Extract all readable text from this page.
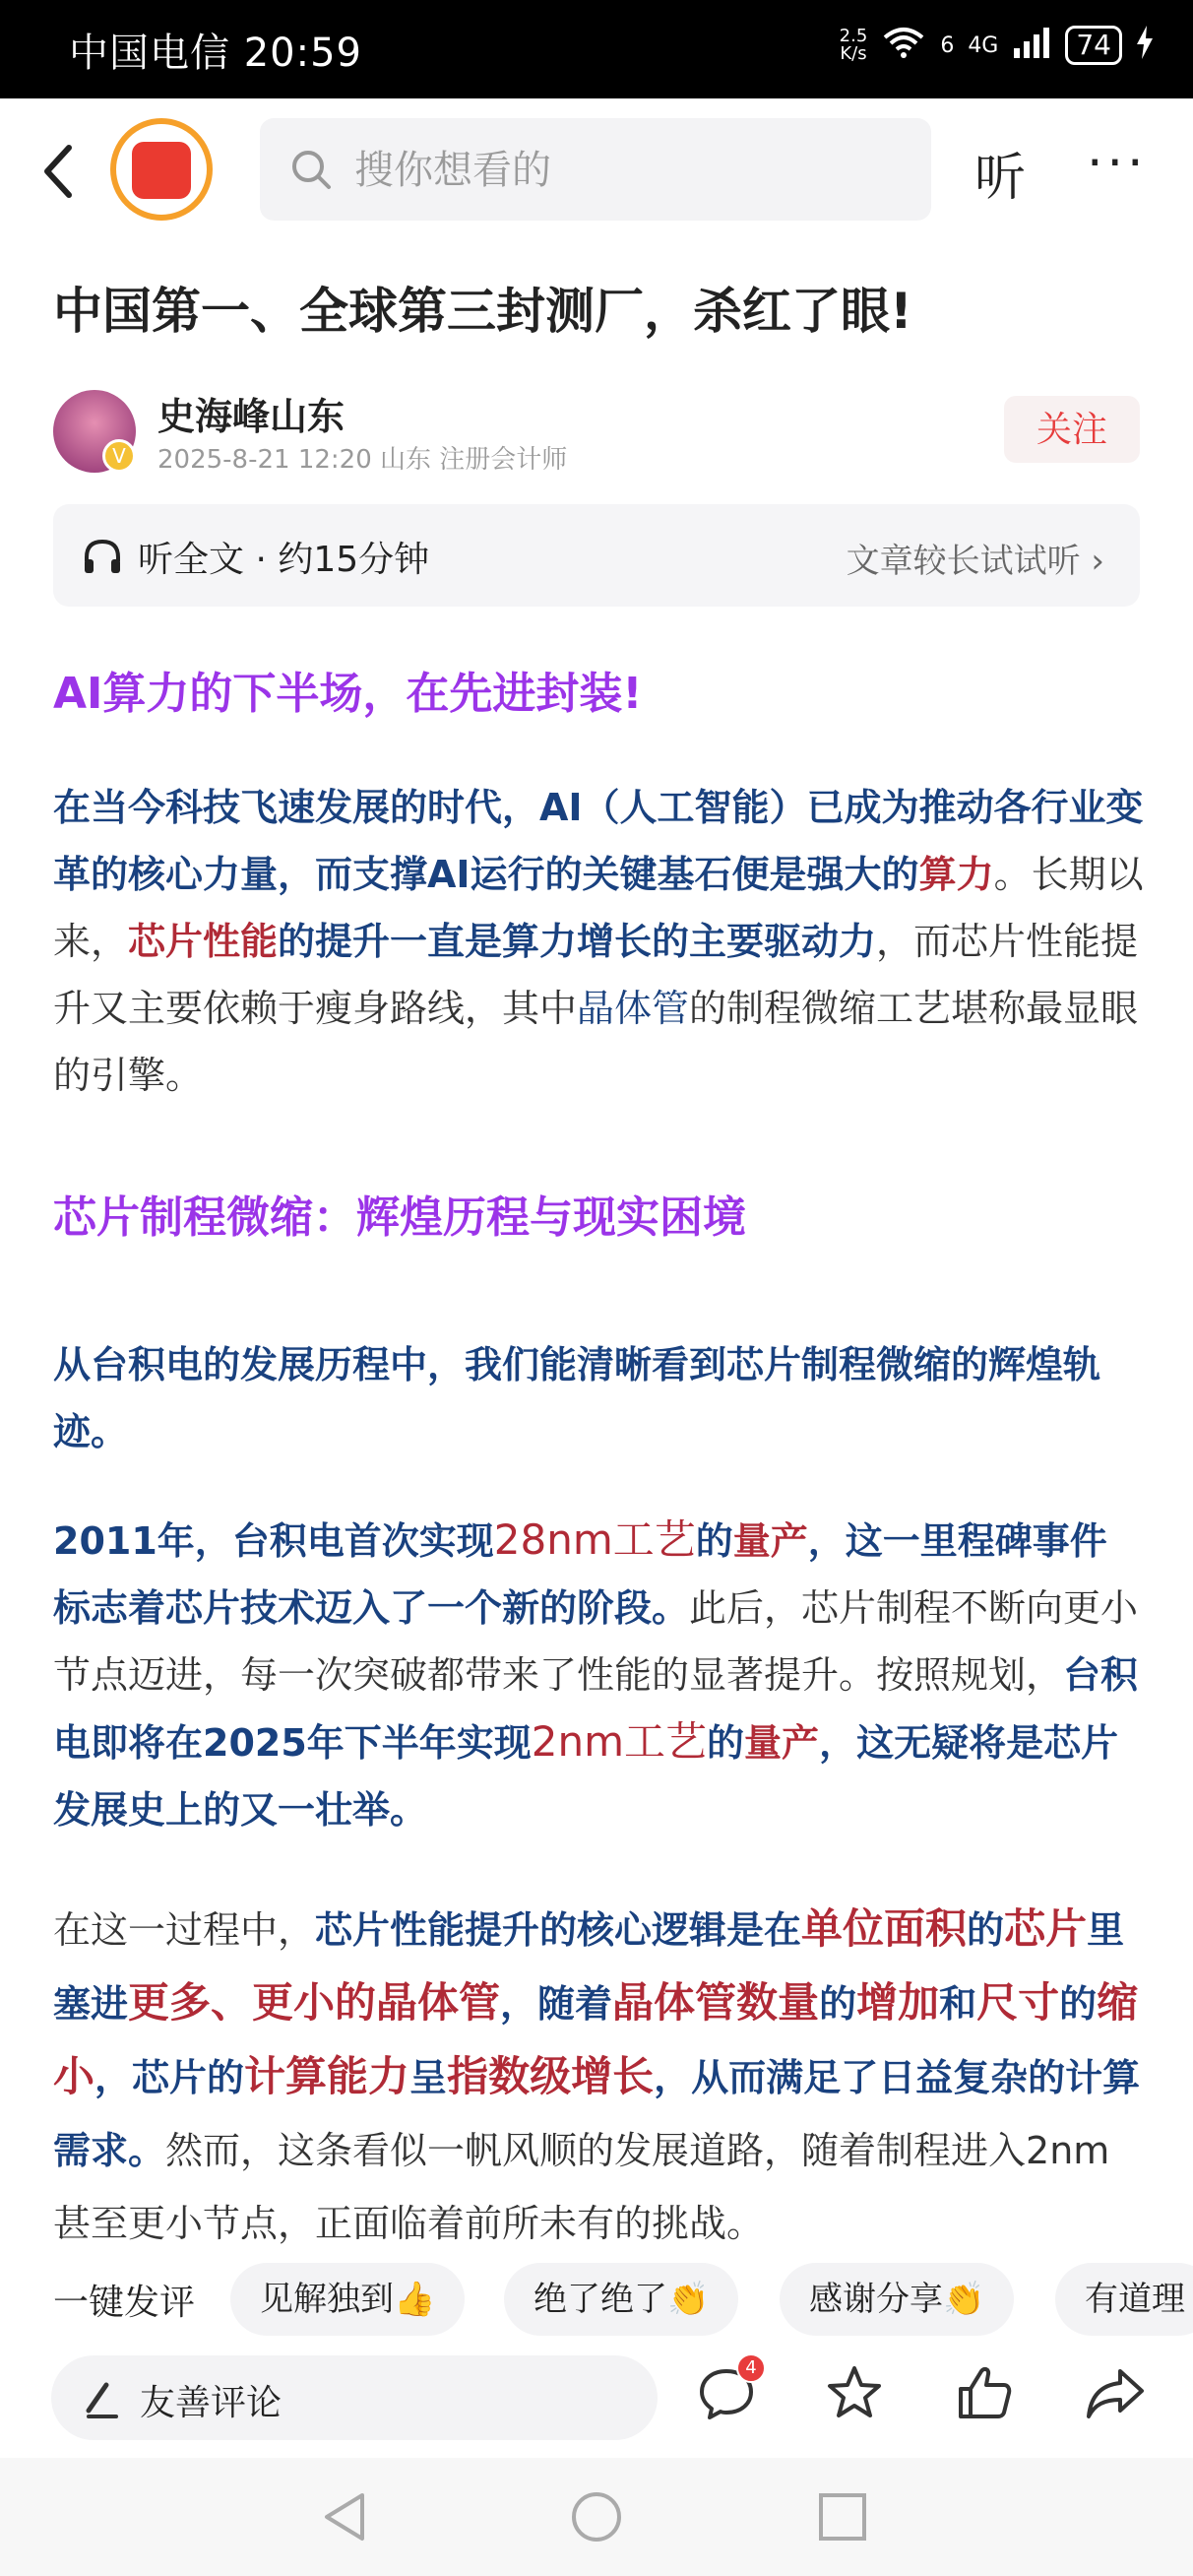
中国电信 20:59	2.5
K/s	6 4G	74
搜你想看的
听 ···
中国第一、全球第三封测厂，杀红了眼!
V
史海峰山东
2025-8-21 12:20 山东 注册会计师
关注
听全文 · 约15分钟	文章较长试试听 ›
AI算力的下半场，在先进封装!

在当今科技飞速发展的时代，AI（人工智能）已成为推动各行业变革的核心力量，而支撑AI运行的关键基石便是强大的算力。长期以来，芯片性能的提升一直是算力增长的主要驱动力，而芯片性能提升又主要依赖于瘦身路线，其中晶体管的制程微缩工艺堪称最显眼的引擎。

芯片制程微缩：辉煌历程与现实困境

从台积电的发展历程中，我们能清晰看到芯片制程微缩的辉煌轨迹。

2011年，台积电首次实现28nm工艺的量产，这一里程碑事件标志着芯片技术迈入了一个新的阶段。此后，芯片制程不断向更小节点迈进，每一次突破都带来了性能的显著提升。按照规划，台积电即将在2025年下半年实现2nm工艺的量产，这无疑将是芯片发展史上的又一壮举。

在这一过程中，芯片性能提升的核心逻辑是在单位面积的芯片里塞进更多、更小的晶体管，随着晶体管数量的增加和尺寸的缩小，芯片的计算能力呈指数级增长，从而满足了日益复杂的计算需求。然而，这条看似一帆风顺的发展道路，随着制程进入2nm甚至更小节点，正面临着前所未有的挑战。

一键发评	见解独到👍	绝了绝了👏	感谢分享👏	有道理
友善评论
4
